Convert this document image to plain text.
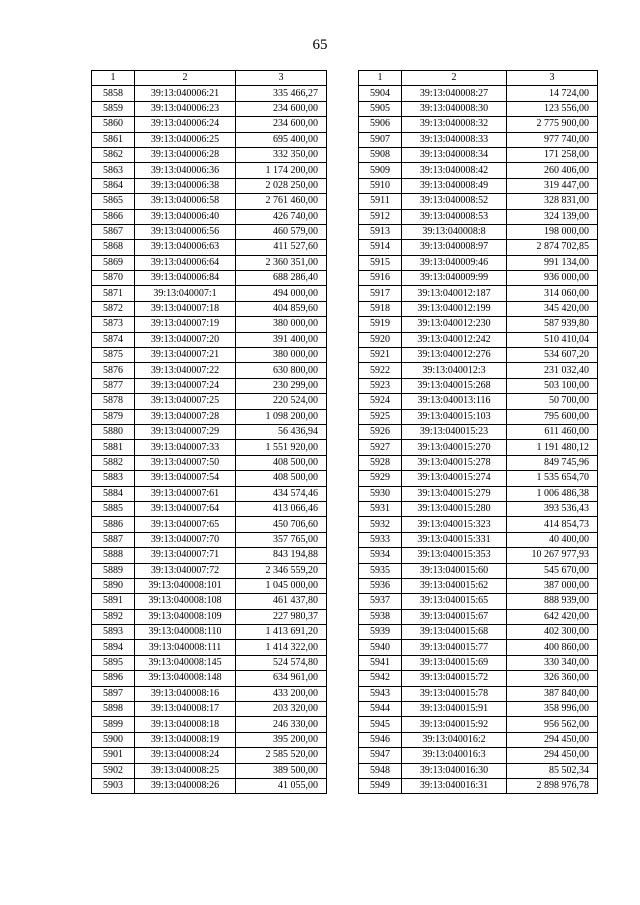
65
1	2	3
5858	39:13:040006:21	335 466,27
5859	39:13:040006:23	234 600,00
5860	39:13:040006:24	234 600,00
5861	39:13:040006:25	695 400,00
5862	39:13:040006:28	332 350,00
5863	39:13:040006:36	1 174 200,00
5864	39:13:040006:38	2 028 250,00
5865	39:13:040006:58	2 761 460,00
5866	39:13:040006:40	426 740,00
5867	39:13:040006:56	460 579,00
5868	39:13:040006:63	411 527,60
5869	39:13:040006:64	2 360 351,00
5870	39:13:040006:84	688 286,40
5871	39:13:040007:1	494 000,00
5872	39:13:040007:18	404 859,60
5873	39:13:040007:19	380 000,00
5874	39:13:040007:20	391 400,00
5875	39:13:040007:21	380 000,00
5876	39:13:040007:22	630 800,00
5877	39:13:040007:24	230 299,00
5878	39:13:040007:25	220 524,00
5879	39:13:040007:28	1 098 200,00
5880	39:13:040007:29	56 436,94
5881	39:13:040007:33	1 551 920,00
5882	39:13:040007:50	408 500,00
5883	39:13:040007:54	408 500,00
5884	39:13:040007:61	434 574,46
5885	39:13:040007:64	413 066,46
5886	39:13:040007:65	450 706,60
5887	39:13:040007:70	357 765,00
5888	39:13:040007:71	843 194,88
5889	39:13:040007:72	2 346 559,20
5890	39:13:040008:101	1 045 000,00
5891	39:13:040008:108	461 437,80
5892	39:13:040008:109	227 980,37
5893	39:13:040008:110	1 413 691,20
5894	39:13:040008:111	1 414 322,00
5895	39:13:040008:145	524 574,80
5896	39:13:040008:148	634 961,00
5897	39:13:040008:16	433 200,00
5898	39:13:040008:17	203 320,00
5899	39:13:040008:18	246 330,00
5900	39:13:040008:19	395 200,00
5901	39:13:040008:24	2 585 520,00
5902	39:13:040008:25	389 500,00
5903	39:13:040008:26	41 055,00
1	2	3
5904	39:13:040008:27	14 724,00
5905	39:13:040008:30	123 556,00
5906	39:13:040008:32	2 775 900,00
5907	39:13:040008:33	977 740,00
5908	39:13:040008:34	171 258,00
5909	39:13:040008:42	260 406,00
5910	39:13:040008:49	319 447,00
5911	39:13:040008:52	328 831,00
5912	39:13:040008:53	324 139,00
5913	39:13:040008:8	198 000,00
5914	39:13:040008:97	2 874 702,85
5915	39:13:040009:46	991 134,00
5916	39:13:040009:99	936 000,00
5917	39:13:040012:187	314 060,00
5918	39:13:040012:199	345 420,00
5919	39:13:040012:230	587 939,80
5920	39:13:040012:242	510 410,04
5921	39:13:040012:276	534 607,20
5922	39:13:040012:3	231 032,40
5923	39:13:040015:268	503 100,00
5924	39:13:040013:116	50 700,00
5925	39:13:040015:103	795 600,00
5926	39:13:040015:23	611 460,00
5927	39:13:040015:270	1 191 480,12
5928	39:13:040015:278	849 745,96
5929	39:13:040015:274	1 535 654,70
5930	39:13:040015:279	1 006 486,38
5931	39:13:040015:280	393 536,43
5932	39:13:040015:323	414 854,73
5933	39:13:040015:331	40 400,00
5934	39:13:040015:353	10 267 977,93
5935	39:13:040015:60	545 670,00
5936	39:13:040015:62	387 000,00
5937	39:13:040015:65	888 939,00
5938	39:13:040015:67	642 420,00
5939	39:13:040015:68	402 300,00
5940	39:13:040015:77	400 860,00
5941	39:13:040015:69	330 340,00
5942	39:13:040015:72	326 360,00
5943	39:13:040015:78	387 840,00
5944	39:13:040015:91	358 996,00
5945	39:13:040015:92	956 562,00
5946	39:13:040016:2	294 450,00
5947	39:13:040016:3	294 450,00
5948	39:13:040016:30	85 502,34
5949	39:13:040016:31	2 898 976,78
